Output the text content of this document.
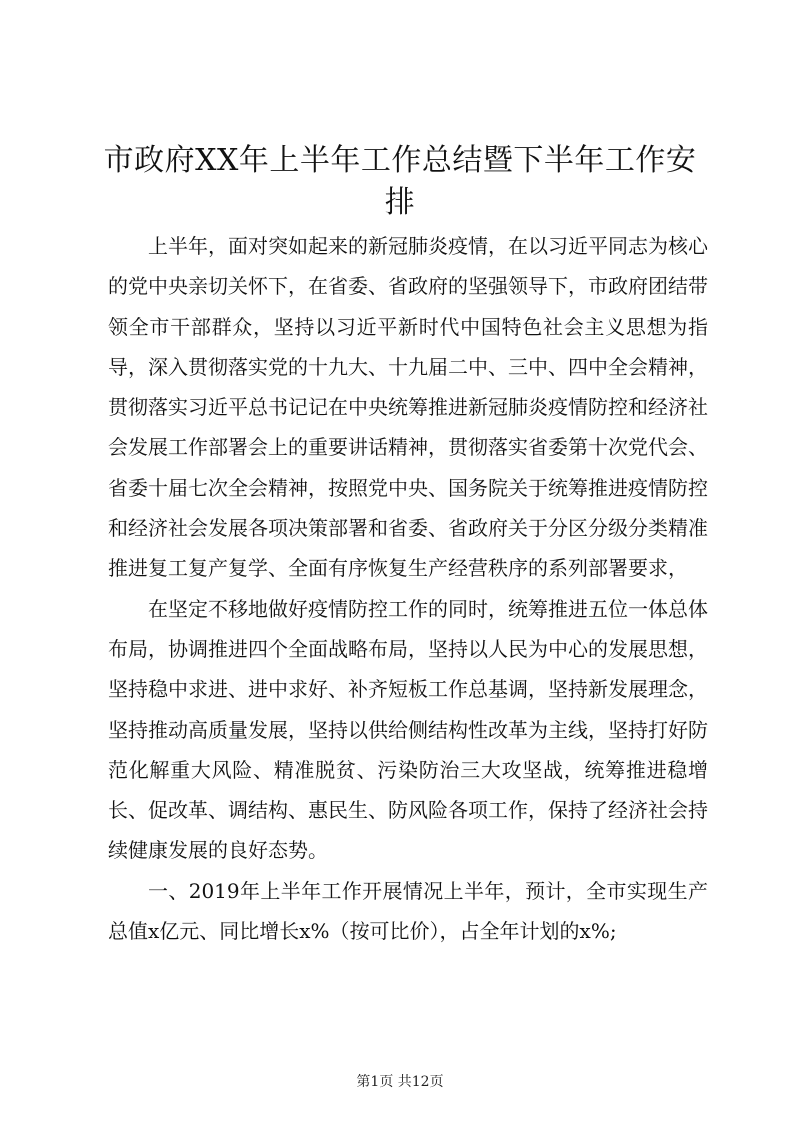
市政府XX年上半年工作总结暨下半年工作安排

上半年，面对突如起来的新冠肺炎疫情，在以习近平同志为核心的党中央亲切关怀下，在省委、省政府的坚强领导下，市政府团结带领全市干部群众，坚持以习近平新时代中国特色社会主义思想为指导，深入贯彻落实党的十九大、十九届二中、三中、四中全会精神，贯彻落实习近平总书记记在中央统筹推进新冠肺炎疫情防控和经济社会发展工作部署会上的重要讲话精神，贯彻落实省委第十次党代会、省委十届七次全会精神，按照党中央、国务院关于统筹推进疫情防控和经济社会发展各项决策部署和省委、省政府关于分区分级分类精准推进复工复产复学、全面有序恢复生产经营秩序的系列部署要求，

在坚定不移地做好疫情防控工作的同时，统筹推进五位一体总体布局，协调推进四个全面战略布局，坚持以人民为中心的发展思想，坚持稳中求进、进中求好、补齐短板工作总基调，坚持新发展理念，坚持推动高质量发展，坚持以供给侧结构性改革为主线，坚持打好防范化解重大风险、精准脱贫、污染防治三大攻坚战，统筹推进稳增长、促改革、调结构、惠民生、防风险各项工作，保持了经济社会持续健康发展的良好态势。

一、2019年上半年工作开展情况上半年，预计，全市实现生产总值x亿元、同比增长x%（按可比价），占全年计划的x%;

第1页 共12页
